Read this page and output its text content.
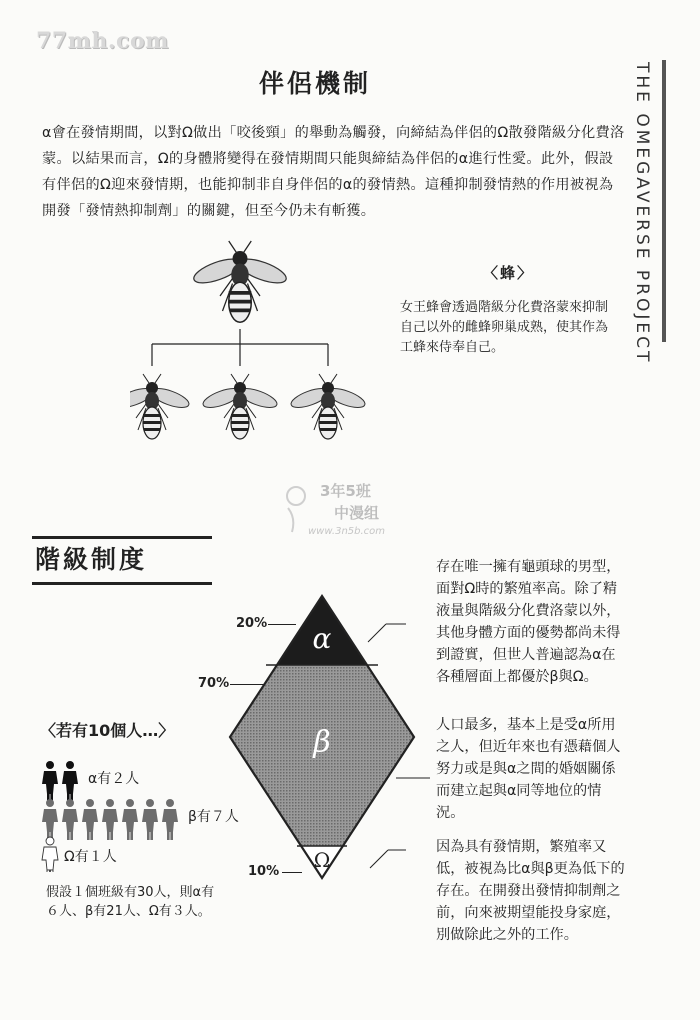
77mh.com
THE OMEGAVERSE PROJECT
伴侶機制
α會在發情期間，以對Ω做出「咬後頸」的舉動為觸發，向締結為伴侶的Ω散發階級分化費洛蒙。以結果而言，Ω的身體將變得在發情期間只能與締結為伴侶的α進行性愛。此外，假設有伴侶的Ω迎來發情期，也能抑制非自身伴侶的α的發情熱。這種抑制發情熱的作用被視為開發「發情熱抑制劑」的關鍵，但至今仍未有斬獲。
〈蜂〉
女王蜂會透過階級分化費洛蒙來抑制自己以外的雌蜂卵巢成熟，使其作為工蜂來侍奉自己。
3年5班
中漫组
www.3n5b.com
階級制度
α
β
Ω
20%
70%
10%
〈若有10個人…〉
α有２人
β有７人
Ω有１人
假設１個班級有30人，則α有６人、β有21人、Ω有３人。
存在唯一擁有龜頭球的男型，面對Ω時的繁殖率高。除了精液量與階級分化費洛蒙以外，其他身體方面的優勢都尚未得到證實，但世人普遍認為α在各種層面上都優於β與Ω。
人口最多，基本上是受α所用之人，但近年來也有憑藉個人努力或是與α之間的婚姻關係而建立起與α同等地位的情況。
因為具有發情期，繁殖率又低，被視為比α與β更為低下的存在。在開發出發情抑制劑之前，向來被期望能投身家庭，別做除此之外的工作。
